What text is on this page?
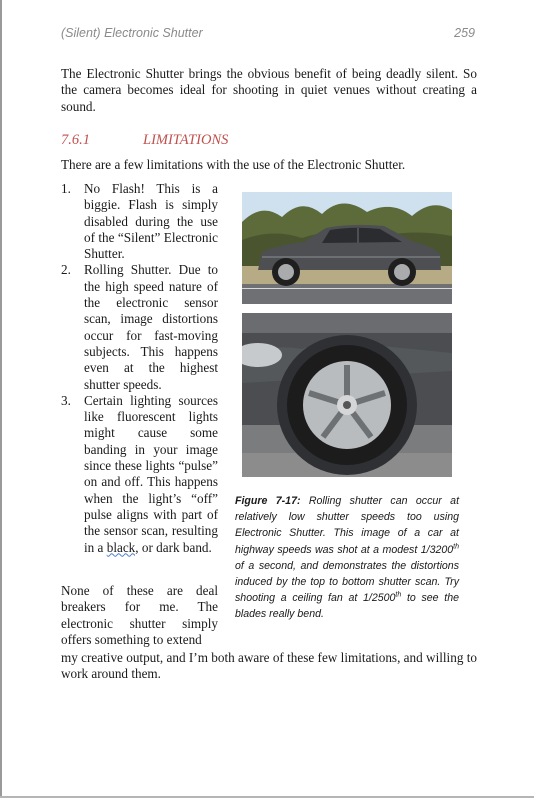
(Silent) Electronic Shutter	259

The Electronic Shutter brings the obvious benefit of being deadly silent. So the camera becomes ideal for shooting in quiet venues without creating a sound.

7.6.1	LIMITATIONS

There are a few limitations with the use of the Electronic Shutter.

1. No Flash! This is a biggie. Flash is simply disabled during the use of the “Silent” Electronic Shutter.
2. Rolling Shutter. Due to the high speed nature of the electronic sensor scan, image distortions occur for fast-moving subjects. This happens even at the highest shutter speeds.
3. Certain lighting sources like fluorescent lights might cause some banding in your image since these lights “pulse” on and off. This happens when the light’s “off” pulse aligns with part of the sensor scan, resulting in a black, or dark band.

None of these are deal breakers for me. The electronic shutter simply offers something to extend

my creative output, and I’m both aware of these few limitations, and willing to work around them.

Figure 7-17: Rolling shutter can occur at relatively low shutter speeds too using Electronic Shutter. This image of a car at highway speeds was shot at a modest 1/3200th of a second, and demonstrates the distortions induced by the top to bottom shutter scan. Try shooting a ceiling fan at 1/2500th to see the blades really bend.
